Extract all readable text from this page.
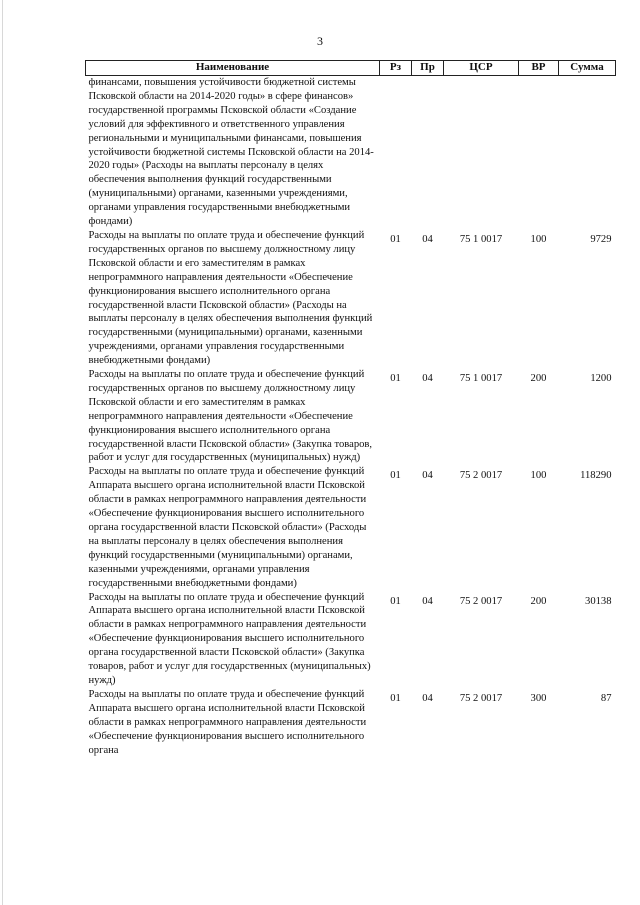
3
Наименование	Рз	Пр	ЦСР	ВР	Сумма
финансами, повышения устойчивости бюджетной системы Псковской области на 2014-2020 годы» в сфере финансов» государственной программы Псковской области «Создание условий для эффективного и ответственного управления региональными и муниципальными финансами, повышения устойчивости бюджетной системы Псковской области на 2014-2020 годы» (Расходы на выплаты персоналу в целях обеспечения выполнения функций государственными (муниципальными) органами, казенными учреждениями, органами управления государственными внебюджетными фондами)					
Расходы на выплаты по оплате труда и обеспечение функций государственных органов по высшему должностному лицу Псковской области и его заместителям в рамках непрограммного направления деятельности «Обеспечение функционирования высшего исполнительного органа государственной власти Псковской области» (Расходы на выплаты персоналу в целях обеспечения выполнения функций государственными (муниципальными) органами, казенными учреждениями, органами управления государственными внебюджетными фондами)	01	04	75 1 0017	100	9729
Расходы на выплаты по оплате труда и обеспечение функций государственных органов по высшему должностному лицу Псковской области и его заместителям в рамках непрограммного направления деятельности «Обеспечение функционирования высшего исполнительного органа государственной власти Псковской области» (Закупка товаров, работ и услуг для государственных (муниципальных) нужд)	01	04	75 1 0017	200	1200
Расходы на выплаты по оплате труда и обеспечение функций Аппарата высшего органа исполнительной власти Псковской области в рамках непрограммного направления деятельности «Обеспечение функционирования высшего исполнительного органа государственной власти Псковской области» (Расходы на выплаты персоналу в целях обеспечения выполнения функций государственными (муниципальными) органами, казенными учреждениями, органами управления государственными внебюджетными фондами)	01	04	75 2 0017	100	118290
Расходы на выплаты по оплате труда и обеспечение функций Аппарата высшего органа исполнительной власти Псковской области в рамках непрограммного направления деятельности «Обеспечение функционирования высшего исполнительного органа государственной власти Псковской области» (Закупка товаров, работ и услуг для государственных (муниципальных) нужд)	01	04	75 2 0017	200	30138
Расходы на выплаты по оплате труда и обеспечение функций Аппарата высшего органа исполнительной власти Псковской области в рамках непрограммного направления деятельности «Обеспечение функционирования высшего исполнительного органа	01	04	75 2 0017	300	87
